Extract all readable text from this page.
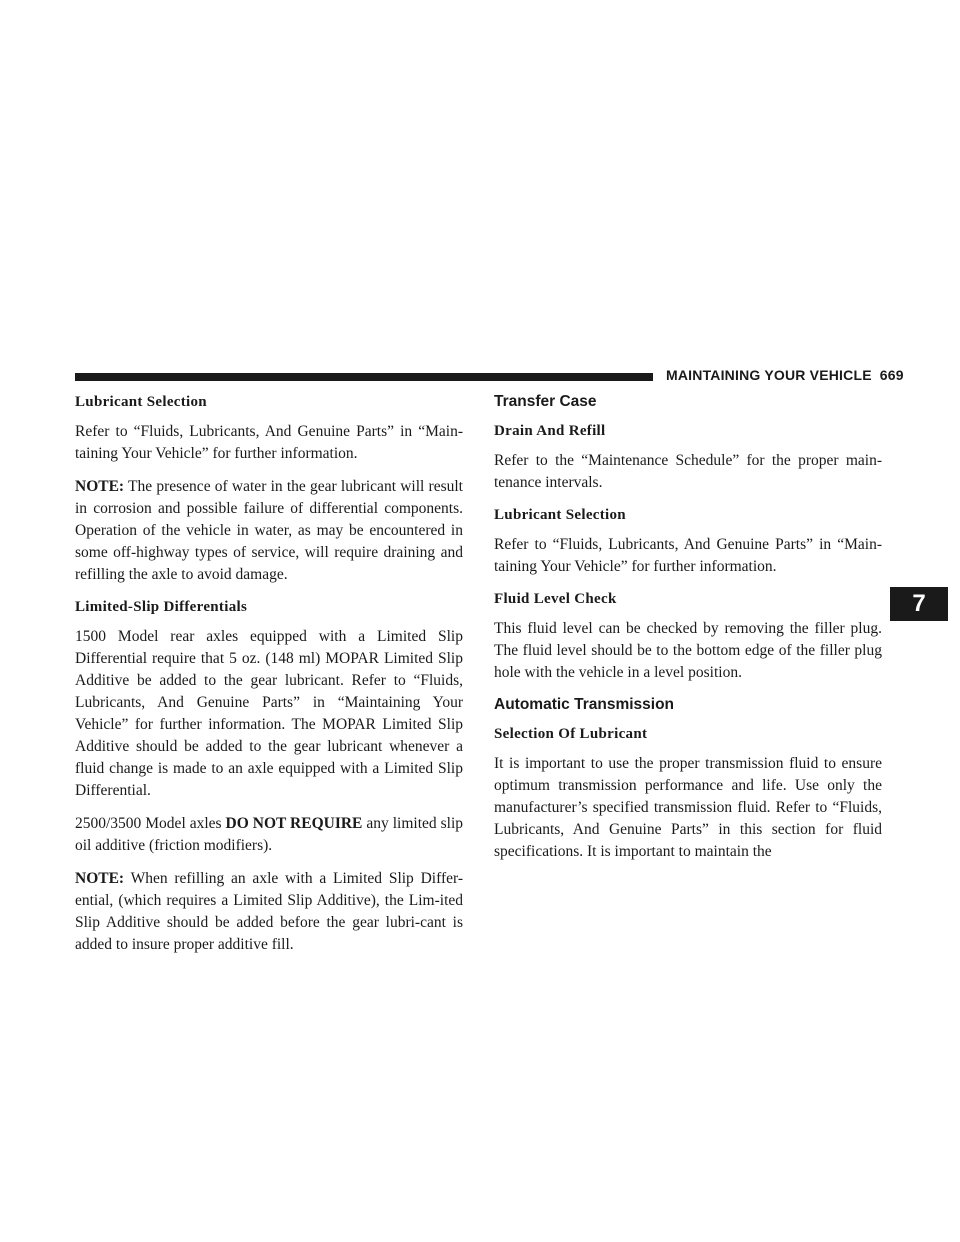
MAINTAINING YOUR VEHICLE 669
7
Lubricant Selection

Refer to “Fluids, Lubricants, And Genuine Parts” in “Main-taining Your Vehicle” for further information.

NOTE: The presence of water in the gear lubricant will result in corrosion and possible failure of differential components. Operation of the vehicle in water, as may be encountered in some off-highway types of service, will require draining and refilling the axle to avoid damage.

Limited-Slip Differentials

1500 Model rear axles equipped with a Limited Slip Differential require that 5 oz. (148 ml) MOPAR Limited Slip Additive be added to the gear lubricant. Refer to “Fluids, Lubricants, And Genuine Parts” in “Maintaining Your Vehicle” for further information. The MOPAR Limited Slip Additive should be added to the gear lubricant whenever a fluid change is made to an axle equipped with a Limited Slip Differential.

2500/3500 Model axles DO NOT REQUIRE any limited slip oil additive (friction modifiers).

NOTE: When refilling an axle with a Limited Slip Differ-ential, (which requires a Limited Slip Additive), the Lim-ited Slip Additive should be added before the gear lubri-cant is added to insure proper additive fill.

Transfer Case
Drain And Refill

Refer to the “Maintenance Schedule” for the proper main-tenance intervals.

Lubricant Selection

Refer to “Fluids, Lubricants, And Genuine Parts” in “Main-taining Your Vehicle” for further information.

Fluid Level Check

This fluid level can be checked by removing the filler plug. The fluid level should be to the bottom edge of the filler plug hole with the vehicle in a level position.

Automatic Transmission
Selection Of Lubricant

It is important to use the proper transmission fluid to ensure optimum transmission performance and life. Use only the manufacturer’s specified transmission fluid. Refer to “Fluids, Lubricants, And Genuine Parts” in this section for fluid specifications. It is important to maintain the
